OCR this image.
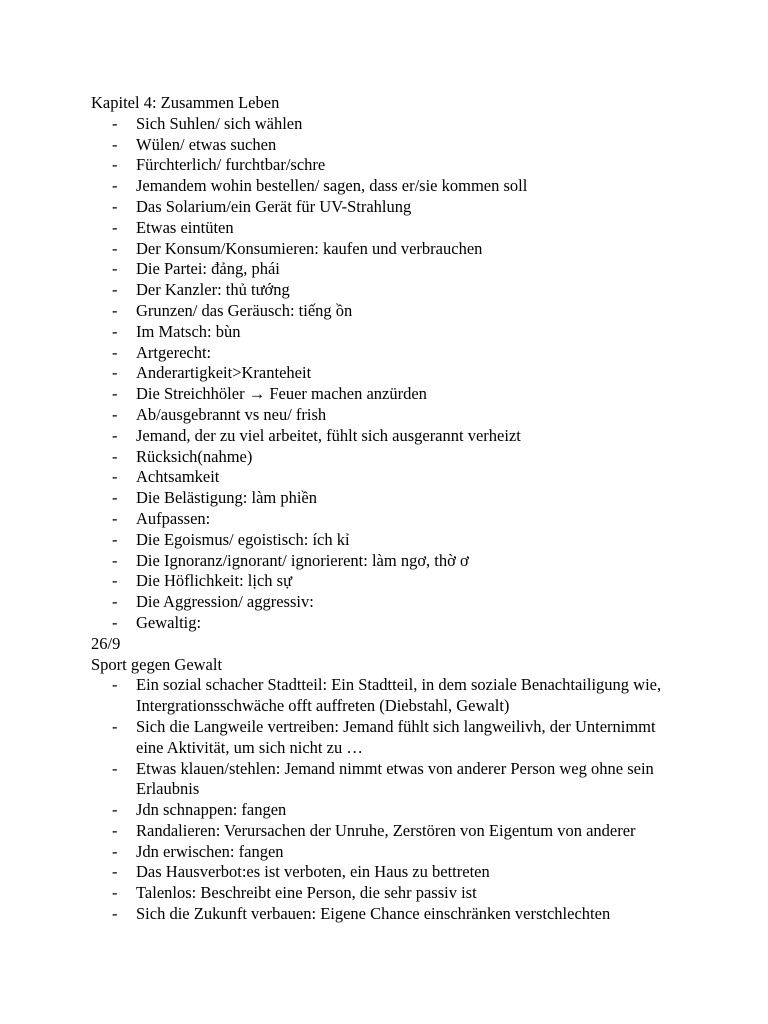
Kapitel 4: Zusammen Leben
- Sich Suhlen/ sich wählen
- Wülen/ etwas suchen
- Fürchterlich/ furchtbar/schre
- Jemandem wohin bestellen/ sagen, dass er/sie kommen soll
- Das Solarium/ein Gerät für UV-Strahlung
- Etwas eintüten
- Der Konsum/Konsumieren: kaufen und verbrauchen
- Die Partei: đảng, phái
- Der Kanzler: thủ tướng
- Grunzen/ das Geräusch: tiếng ồn
- Im Matsch: bùn
- Artgerecht:
- Anderartigkeit>Kranteheit
- Die Streichhöler → Feuer machen anzürden
- Ab/ausgebrannt vs neu/ frish
- Jemand, der zu viel arbeitet, fühlt sich ausgerannt verheizt
- Rücksich(nahme)
- Achtsamkeit
- Die Belästigung: làm phiền
- Aufpassen:
- Die Egoismus/ egoistisch: ích kỉ
- Die Ignoranz/ignorant/ ignorierent: làm ngơ, thờ ơ
- Die Höflichkeit: lịch sự
- Die Aggression/ aggressiv:
- Gewaltig:
26/9
Sport gegen Gewalt
- Ein sozial schacher Stadtteil: Ein Stadtteil, in dem soziale Benachtailigung wie, Intergrationsschwäche offt auffreten (Diebstahl, Gewalt)
- Sich die Langweile vertreiben: Jemand fühlt sich langweilivh, der Unternimmt eine Aktivität, um sich nicht zu …
- Etwas klauen/stehlen: Jemand nimmt etwas von anderer Person weg ohne sein Erlaubnis
- Jdn schnappen: fangen
- Randalieren: Verursachen der Unruhe, Zerstören von Eigentum von anderer
- Jdn erwischen: fangen
- Das Hausverbot:es ist verboten, ein Haus zu bettreten
- Talenlos: Beschreibt eine Person, die sehr passiv ist
- Sich die Zukunft verbauen: Eigene Chance einschränken verstchlechten
